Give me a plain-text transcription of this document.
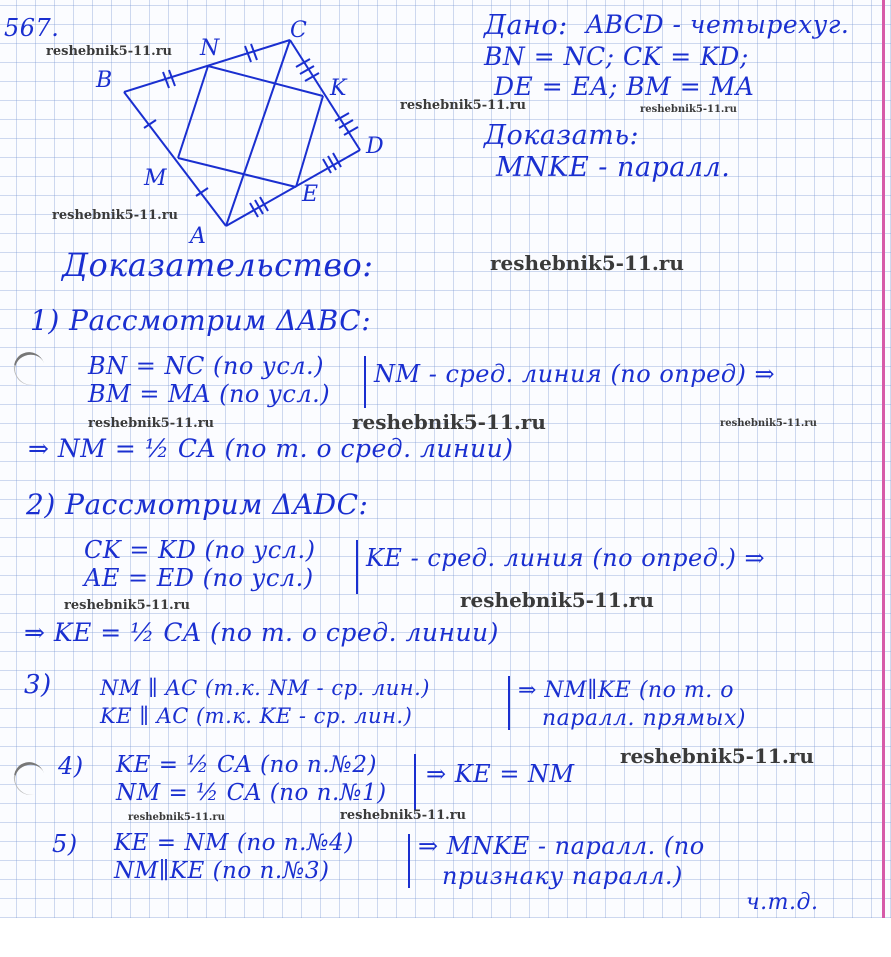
B
N
C
K
D
E
A
M
567.	Дано: ABCD - четырехуг.
BN = NC; CK = KD;
DE = EA; BM = MA
Доказать:
MNKE - паралл.
Доказательство:
1) Рассмотрим ΔABC:
BN = NC (по усл.)
BM = MA (по усл.)
NM - сред. линия (по опред) ⇒
⇒ NM = ½ CA (по т. о сред. линии)
2) Рассмотрим ΔADC:
CK = KD (по усл.)
AE = ED (по усл.)
KE - сред. линия (по опред.) ⇒
⇒ KE = ½ CA (по т. о сред. линии)
3) NM ∥ AC (т.к. NM - ср. лин.)
KE ∥ AC (т.к. KE - ср. лин.)
⇒ NM∥KE (по т. о
паралл. прямых)
4) KE = ½ CA (по п.№2)
NM = ½ CA (по п.№1)
⇒ KE = NM
5) KE = NM (по п.№4)
NM∥KE (по п.№3)
⇒ MNKE - паралл. (по
признаку паралл.)
ч.т.д.
reshebnik5-11.ru
reshebnik5-11.ru	reshebnik5-11.ru
reshebnik5-11.ru
reshebnik5-11.ru
reshebnik5-11.ru	reshebnik5-11.ru	reshebnik5-11.ru
reshebnik5-11.ru	reshebnik5-11.ru
reshebnik5-11.ru
reshebnik5-11.ru	reshebnik5-11.ru
